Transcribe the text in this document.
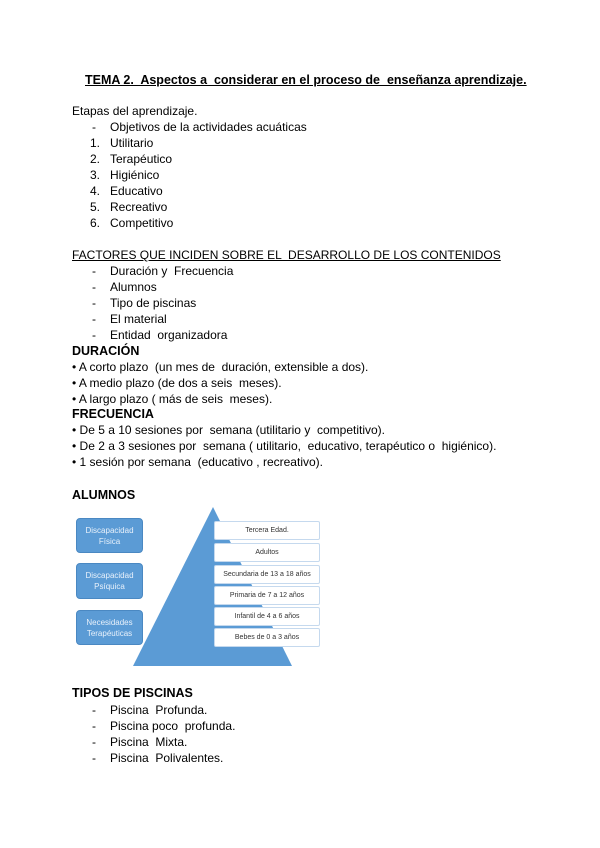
TEMA 2.  Aspectos a  considerar en el proceso de  enseñanza aprendizaje.
Etapas del aprendizaje.
- Objetivos de la actividades acuáticas
1. Utilitario
2. Terapéutico
3. Higiénico
4. Educativo
5. Recreativo
6. Competitivo
FACTORES QUE INCIDEN SOBRE EL  DESARROLLO DE LOS CONTENIDOS
- Duración y  Frecuencia
- Alumnos
- Tipo de piscinas
- El material
- Entidad  organizadora
DURACIÓN
• A corto plazo  (un mes de  duración, extensible a dos).
• A medio plazo (de dos a seis  meses).
• A largo plazo ( más de seis  meses).
FRECUENCIA
• De 5 a 10 sesiones por  semana (utilitario y  competitivo).
• De 2 a 3 sesiones por  semana ( utilitario,  educativo, terapéutico o  higiénico).
• 1 sesión por semana  (educativo , recreativo).
ALUMNOS
Discapacidad Física
Discapacidad Psíquica
Necesidades Terapéuticas
Tercera Edad.
Adultos
Secundaria de 13 a 18 años
Primaria de 7 a 12 años
Infantil de 4 a 6 años
Bebes de 0 a 3 años
TIPOS DE PISCINAS
- Piscina  Profunda.
- Piscina poco  profunda.
- Piscina  Mixta.
- Piscina  Polivalentes.
